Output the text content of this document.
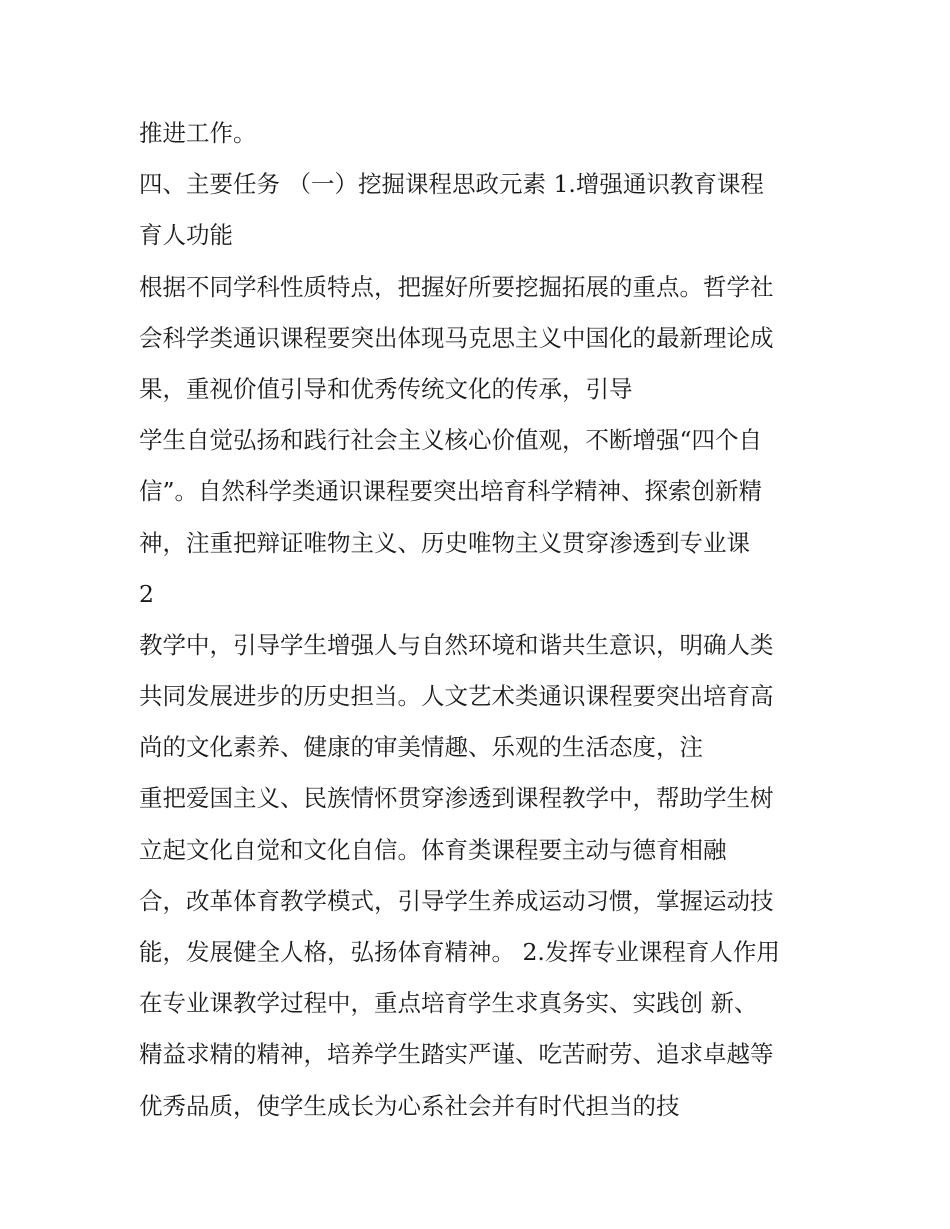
推进工作。
四、主要任务 （一）挖掘课程思政元素 1.增强通识教育课程
育人功能
根据不同学科性质特点，把握好所要挖掘拓展的重点。哲学社
会科学类通识课程要突出体现马克思主义中国化的最新理论成
果，重视价值引导和优秀传统文化的传承，引导
学生自觉弘扬和践行社会主义核心价值观，不断增强“四个自
信”。自然科学类通识课程要突出培育科学精神、探索创新精
神，注重把辩证唯物主义、历史唯物主义贯穿渗透到专业课
2
教学中，引导学生增强人与自然环境和谐共生意识，明确人类
共同发展进步的历史担当。人文艺术类通识课程要突出培育高
尚的文化素养、健康的审美情趣、乐观的生活态度，注
重把爱国主义、民族情怀贯穿渗透到课程教学中，帮助学生树
立起文化自觉和文化自信。体育类课程要主动与德育相融
合，改革体育教学模式，引导学生养成运动习惯，掌握运动技
能，发展健全人格，弘扬体育精神。 2.发挥专业课程育人作用
在专业课教学过程中，重点培育学生求真务实、实践创 新、
精益求精的精神，培养学生踏实严谨、吃苦耐劳、追求卓越等
优秀品质，使学生成长为心系社会并有时代担当的技
